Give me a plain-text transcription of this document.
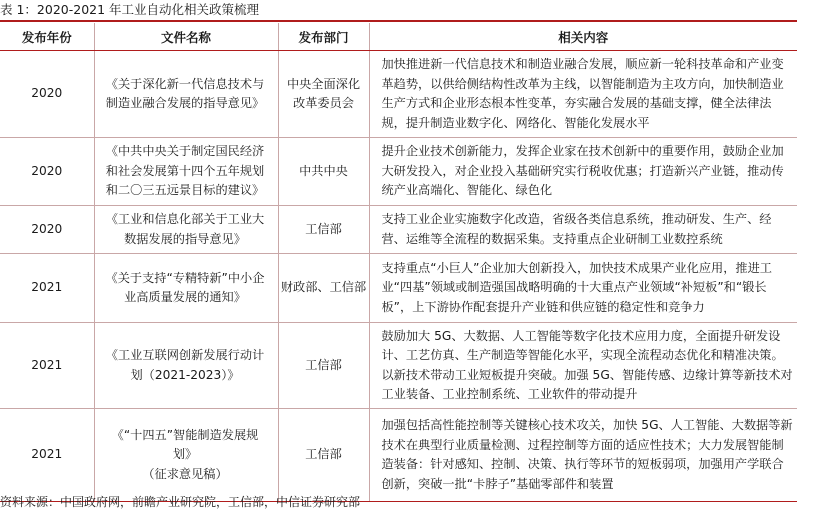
表 1：2020-2021 年工业自动化相关政策梳理
发布年份	文件名称	发布部门	相关内容
2020	《关于深化新一代信息技术与
制造业融合发展的指导意见》	中央全面深化
改革委员会	加快推进新一代信息技术和制造业融合发展，顺应新一轮科技革命和产业变革趋势，以供给侧结构性改革为主线，以智能制造为主攻方向，加快制造业生产方式和企业形态根本性变革，夯实融合发展的基础支撑，健全法律法规，提升制造业数字化、网络化、智能化发展水平
2020	《中共中央关于制定国民经济
和社会发展第十四个五年规划
和二〇三五远景目标的建议》	中共中央	提升企业技术创新能力，发挥企业家在技术创新中的重要作用，鼓励企业加大研发投入，对企业投入基础研究实行税收优惠；打造新兴产业链，推动传统产业高端化、智能化、绿色化
2020	《工业和信息化部关于工业大
数据发展的指导意见》	工信部	支持工业企业实施数字化改造，省级各类信息系统，推动研发、生产、经营、运维等全流程的数据采集。支持重点企业研制工业数控系统
2021	《关于支持“专精特新”中小企
业高质量发展的通知》	财政部、工信部	支持重点“小巨人”企业加大创新投入，加快技术成果产业化应用，推进工业“四基”领域或制造强国战略明确的十大重点产业领域“补短板”和“锻长板”，上下游协作配套提升产业链和供应链的稳定性和竞争力
2021	《工业互联网创新发展行动计
划（2021-2023）》	工信部	鼓励加大 5G、大数据、人工智能等数字化技术应用力度，全面提升研发设计、工艺仿真、生产制造等智能化水平，实现全流程动态优化和精准决策。以新技术带动工业短板提升突破。加强 5G、智能传感、边缘计算等新技术对工业装备、工业控制系统、工业软件的带动提升
2021	《“十四五”智能制造发展规划》
（征求意见稿）	工信部	加强包括高性能控制等关键核心技术攻关，加快 5G、人工智能、大数据等新技术在典型行业质量检测、过程控制等方面的适应性技术；大力发展智能制造装备：针对感知、控制、决策、执行等环节的短板弱项，加强用产学联合创新，突破一批“卡脖子”基础零部件和装置
资料来源：中国政府网，前瞻产业研究院，工信部，中信证券研究部
